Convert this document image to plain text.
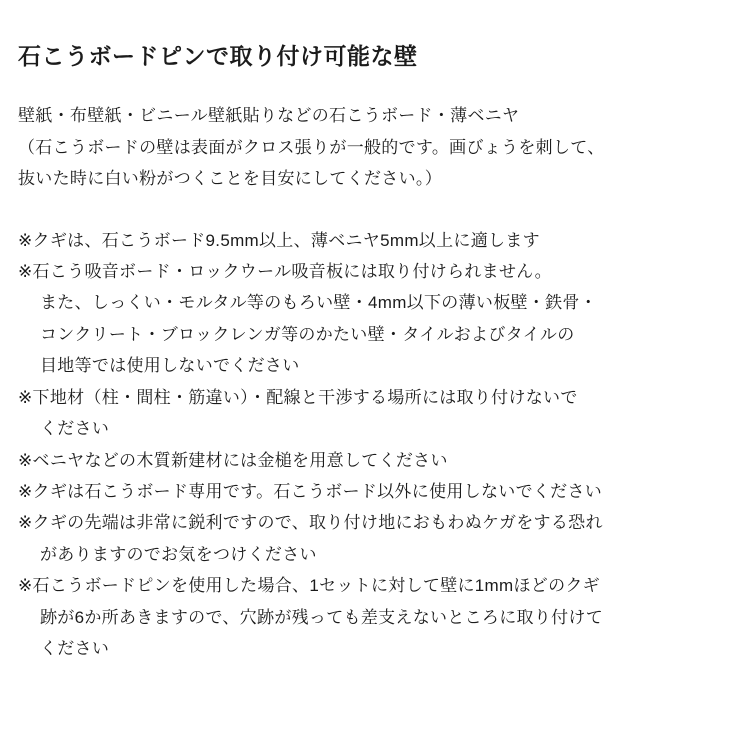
石こうボードピンで取り付け可能な壁

壁紙・布壁紙・ビニール壁紙貼りなどの石こうボード・薄ベニヤ

（石こうボードの壁は表面がクロス張りが一般的です。画びょうを刺して、

抜いた時に白い粉がつくことを目安にしてください。）

※クギは、石こうボード9.5mm以上、薄ベニヤ5mm以上に適します
※石こう吸音ボード・ロックウール吸音板には取り付けられません。
また、しっくい・モルタル等のもろい壁・4mm以下の薄い板壁・鉄骨・
コンクリート・ブロックレンガ等のかたい壁・タイルおよびタイルの
目地等では使用しないでください
※下地材（柱・間柱・筋違い）・配線と干渉する場所には取り付けないで
ください
※ベニヤなどの木質新建材には金槌を用意してください
※クギは石こうボード専用です。石こうボード以外に使用しないでください
※クギの先端は非常に鋭利ですので、取り付け地におもわぬケガをする恐れ
がありますのでお気をつけください
※石こうボードピンを使用した場合、1セットに対して壁に1mmほどのクギ
跡が6か所あきますので、穴跡が残っても差支えないところに取り付けて
ください
